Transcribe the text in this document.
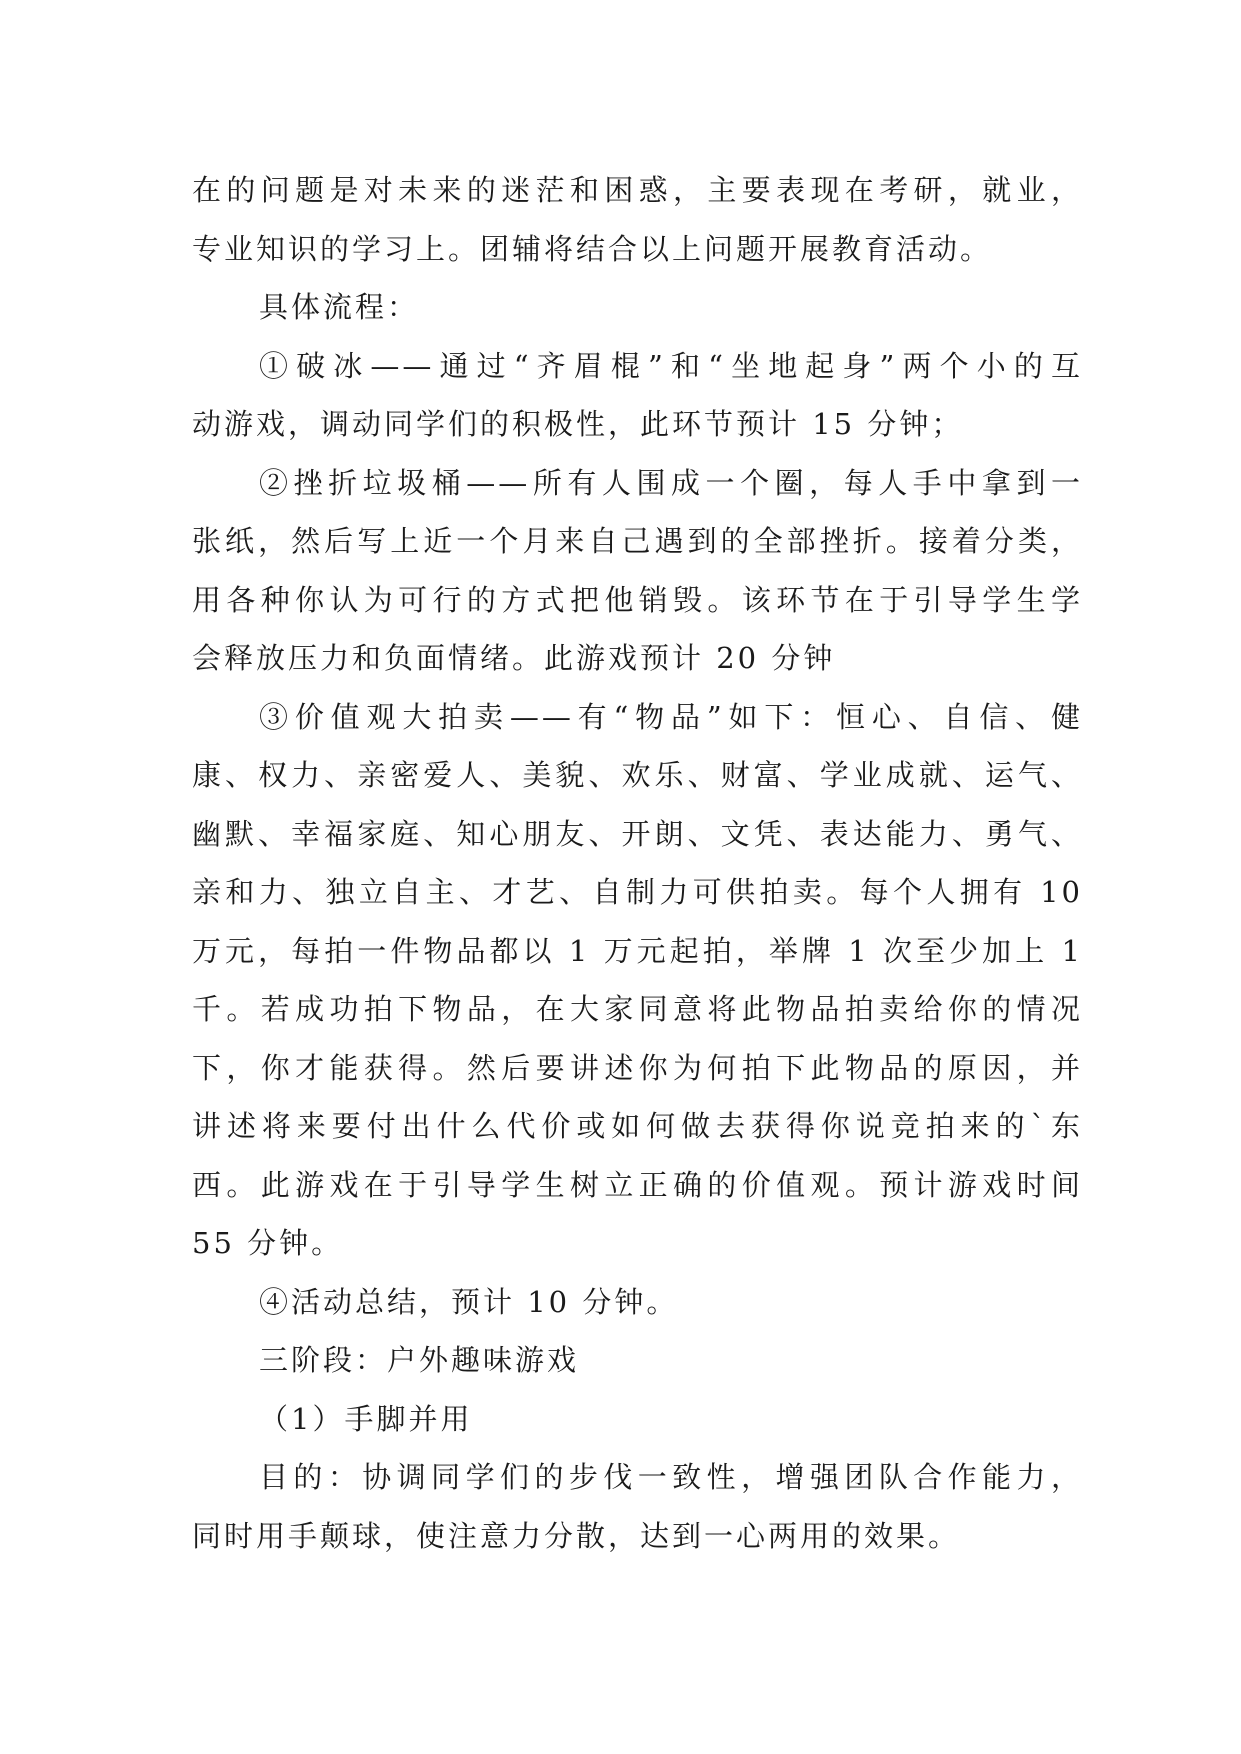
在的问题是对未来的迷茫和困惑，主要表现在考研，就业，
专业知识的学习上。团辅将结合以上问题开展教育活动。
具体流程：
①破冰——通过“齐眉棍”和“坐地起身”两个小的互
动游戏，调动同学们的积极性，此环节预计 15 分钟；
②挫折垃圾桶——所有人围成一个圈，每人手中拿到一
张纸，然后写上近一个月来自己遇到的全部挫折。接着分类，
用各种你认为可行的方式把他销毁。该环节在于引导学生学
会释放压力和负面情绪。此游戏预计 20 分钟
③价值观大拍卖——有“物品”如下：恒心、自信、健
康、权力、亲密爱人、美貌、欢乐、财富、学业成就、运气、
幽默、幸福家庭、知心朋友、开朗、文凭、表达能力、勇气、
亲和力、独立自主、才艺、自制力可供拍卖。每个人拥有 10
万元，每拍一件物品都以 1 万元起拍，举牌 1 次至少加上 1
千。若成功拍下物品，在大家同意将此物品拍卖给你的情况
下，你才能获得。然后要讲述你为何拍下此物品的原因，并
讲述将来要付出什么代价或如何做去获得你说竞拍来的`东
西。此游戏在于引导学生树立正确的价值观。预计游戏时间
55 分钟。
④活动总结，预计 10 分钟。
三阶段：户外趣味游戏
（1）手脚并用
目的：协调同学们的步伐一致性，增强团队合作能力，
同时用手颠球，使注意力分散，达到一心两用的效果。
